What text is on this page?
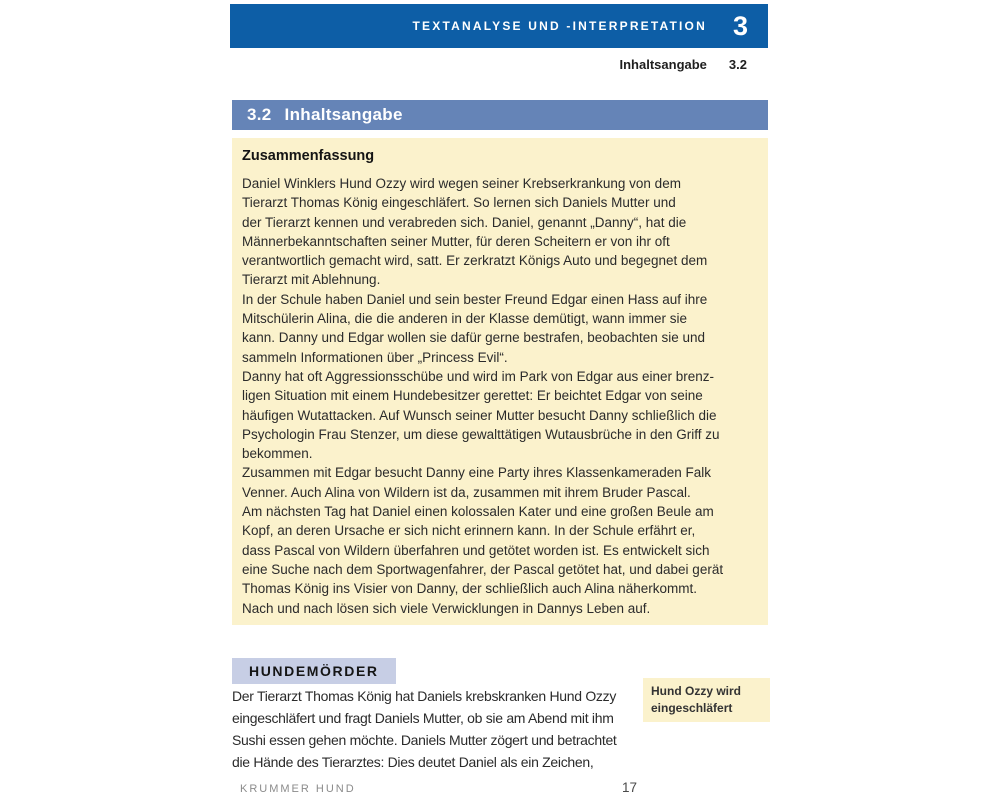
TEXTANALYSE UND -INTERPRETATION 3
Inhaltsangabe 3.2
3.2 Inhaltsangabe
Zusammenfassung
Daniel Winklers Hund Ozzy wird wegen seiner Krebserkrankung von dem
Tierarzt Thomas König eingeschläfert. So lernen sich Daniels Mutter und
der Tierarzt kennen und verabreden sich. Daniel, genannt „Danny“, hat die
Männerbekanntschaften seiner Mutter, für deren Scheitern er von ihr oft
verantwortlich gemacht wird, satt. Er zerkratzt Königs Auto und begegnet dem
Tierarzt mit Ablehnung.
In der Schule haben Daniel und sein bester Freund Edgar einen Hass auf ihre
Mitschülerin Alina, die die anderen in der Klasse demütigt, wann immer sie
kann. Danny und Edgar wollen sie dafür gerne bestrafen, beobachten sie und
sammeln Informationen über „Princess Evil“.
Danny hat oft Aggressionsschübe und wird im Park von Edgar aus einer brenz-
ligen Situation mit einem Hundebesitzer gerettet: Er beichtet Edgar von seine
häufigen Wutattacken. Auf Wunsch seiner Mutter besucht Danny schließlich die
Psychologin Frau Stenzer, um diese gewalttätigen Wutausbrüche in den Griff zu
bekommen.
Zusammen mit Edgar besucht Danny eine Party ihres Klassenkameraden Falk
Venner. Auch Alina von Wildern ist da, zusammen mit ihrem Bruder Pascal.
Am nächsten Tag hat Daniel einen kolossalen Kater und eine großen Beule am
Kopf, an deren Ursache er sich nicht erinnern kann. In der Schule erfährt er,
dass Pascal von Wildern überfahren und getötet worden ist. Es entwickelt sich
eine Suche nach dem Sportwagenfahrer, der Pascal getötet hat, und dabei gerät
Thomas König ins Visier von Danny, der schließlich auch Alina näherkommt.
Nach und nach lösen sich viele Verwicklungen in Dannys Leben auf.
HUNDEMÖRDER
Der Tierarzt Thomas König hat Daniels krebskranken Hund Ozzy
eingeschläfert und fragt Daniels Mutter, ob sie am Abend mit ihm
Sushi essen gehen möchte. Daniels Mutter zögert und betrachtet
die Hände des Tierarztes: Dies deutet Daniel als ein Zeichen,
Hund Ozzy wird
eingeschläfert
KRUMMER HUND	17
